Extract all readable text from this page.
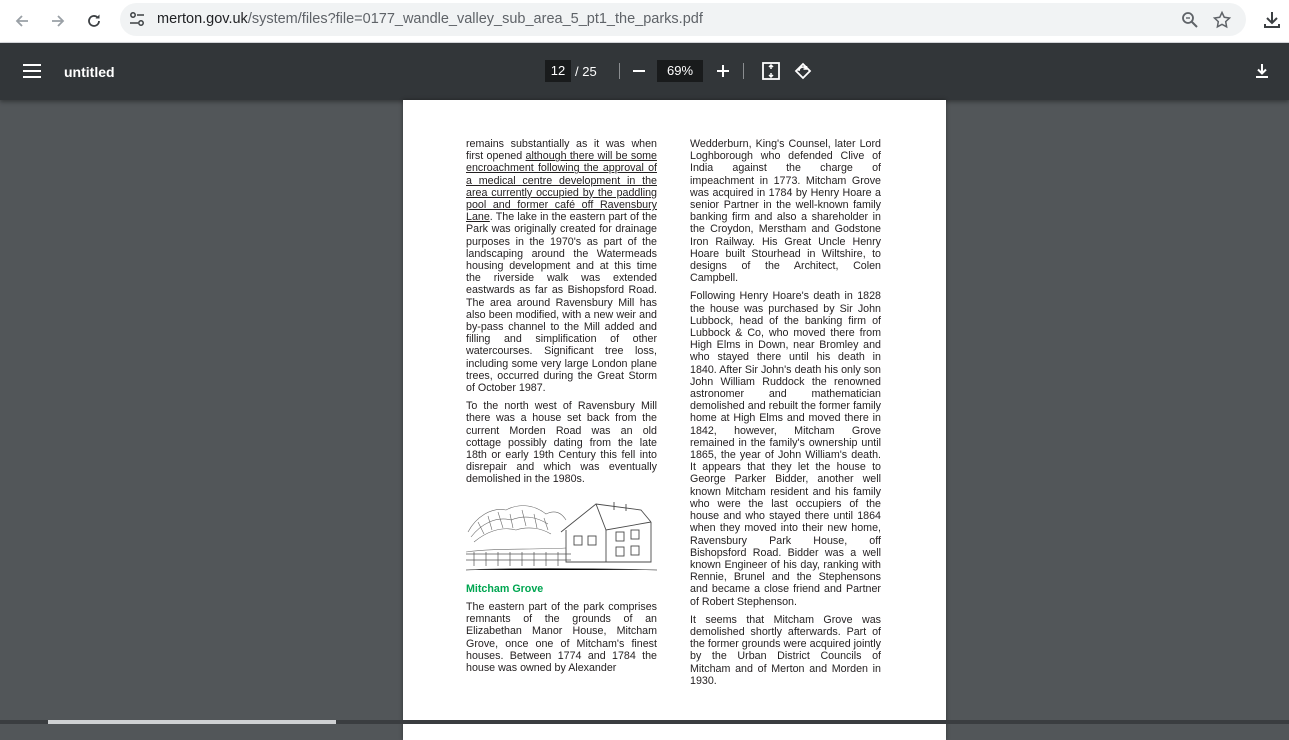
merton.gov.uk/system/files?file=0177_wandle_valley_sub_area_5_pt1_the_parks.pdf
untitled	12 / 25	69%

remains substantially as it was when first opened although there will be some encroachment following the approval of a medical centre development in the area currently occupied by the paddling pool and former café off Ravensbury Lane. The lake in the eastern part of the Park was originally created for drainage purposes in the 1970's as part of the landscaping around the Watermeads housing development and at this time the riverside walk was extended eastwards as far as Bishopsford Road. The area around Ravensbury Mill has also been modified, with a new weir and by-pass channel to the Mill added and filling and simplification of other watercourses. Significant tree loss, including some very large London plane trees, occurred during the Great Storm of October 1987.

To the north west of Ravensbury Mill there was a house set back from the current Morden Road was an old cottage possibly dating from the late 18th or early 19th Century this fell into disrepair and which was eventually demolished in the 1980s.

Mitcham Grove

The eastern part of the park comprises remnants of the grounds of an Elizabethan Manor House, Mitcham Grove, once one of Mitcham's finest houses. Between 1774 and 1784 the house was owned by Alexander

Wedderburn, King's Counsel, later Lord Loghborough who defended Clive of India against the charge of impeachment in 1773. Mitcham Grove was acquired in 1784 by Henry Hoare a senior Partner in the well-known family banking firm and also a shareholder in the Croydon, Merstham and Godstone Iron Railway. His Great Uncle Henry Hoare built Stourhead in Wiltshire, to designs of the Architect, Colen Campbell.

Following Henry Hoare's death in 1828 the house was purchased by Sir John Lubbock, head of the banking firm of Lubbock & Co, who moved there from High Elms in Down, near Bromley and who stayed there until his death in 1840. After Sir John's death his only son John William Ruddock the renowned astronomer and mathematician demolished and rebuilt the former family home at High Elms and moved there in 1842, however, Mitcham Grove remained in the family's ownership until 1865, the year of John William's death. It appears that they let the house to George Parker Bidder, another well known Mitcham resident and his family who were the last occupiers of the house and who stayed there until 1864 when they moved into their new home, Ravensbury Park House, off Bishopsford Road. Bidder was a well known Engineer of his day, ranking with Rennie, Brunel and the Stephensons and became a close friend and Partner of Robert Stephenson.

It seems that Mitcham Grove was demolished shortly afterwards. Part of the former grounds were acquired jointly by the Urban District Councils of Mitcham and of Merton and Morden in 1930.
